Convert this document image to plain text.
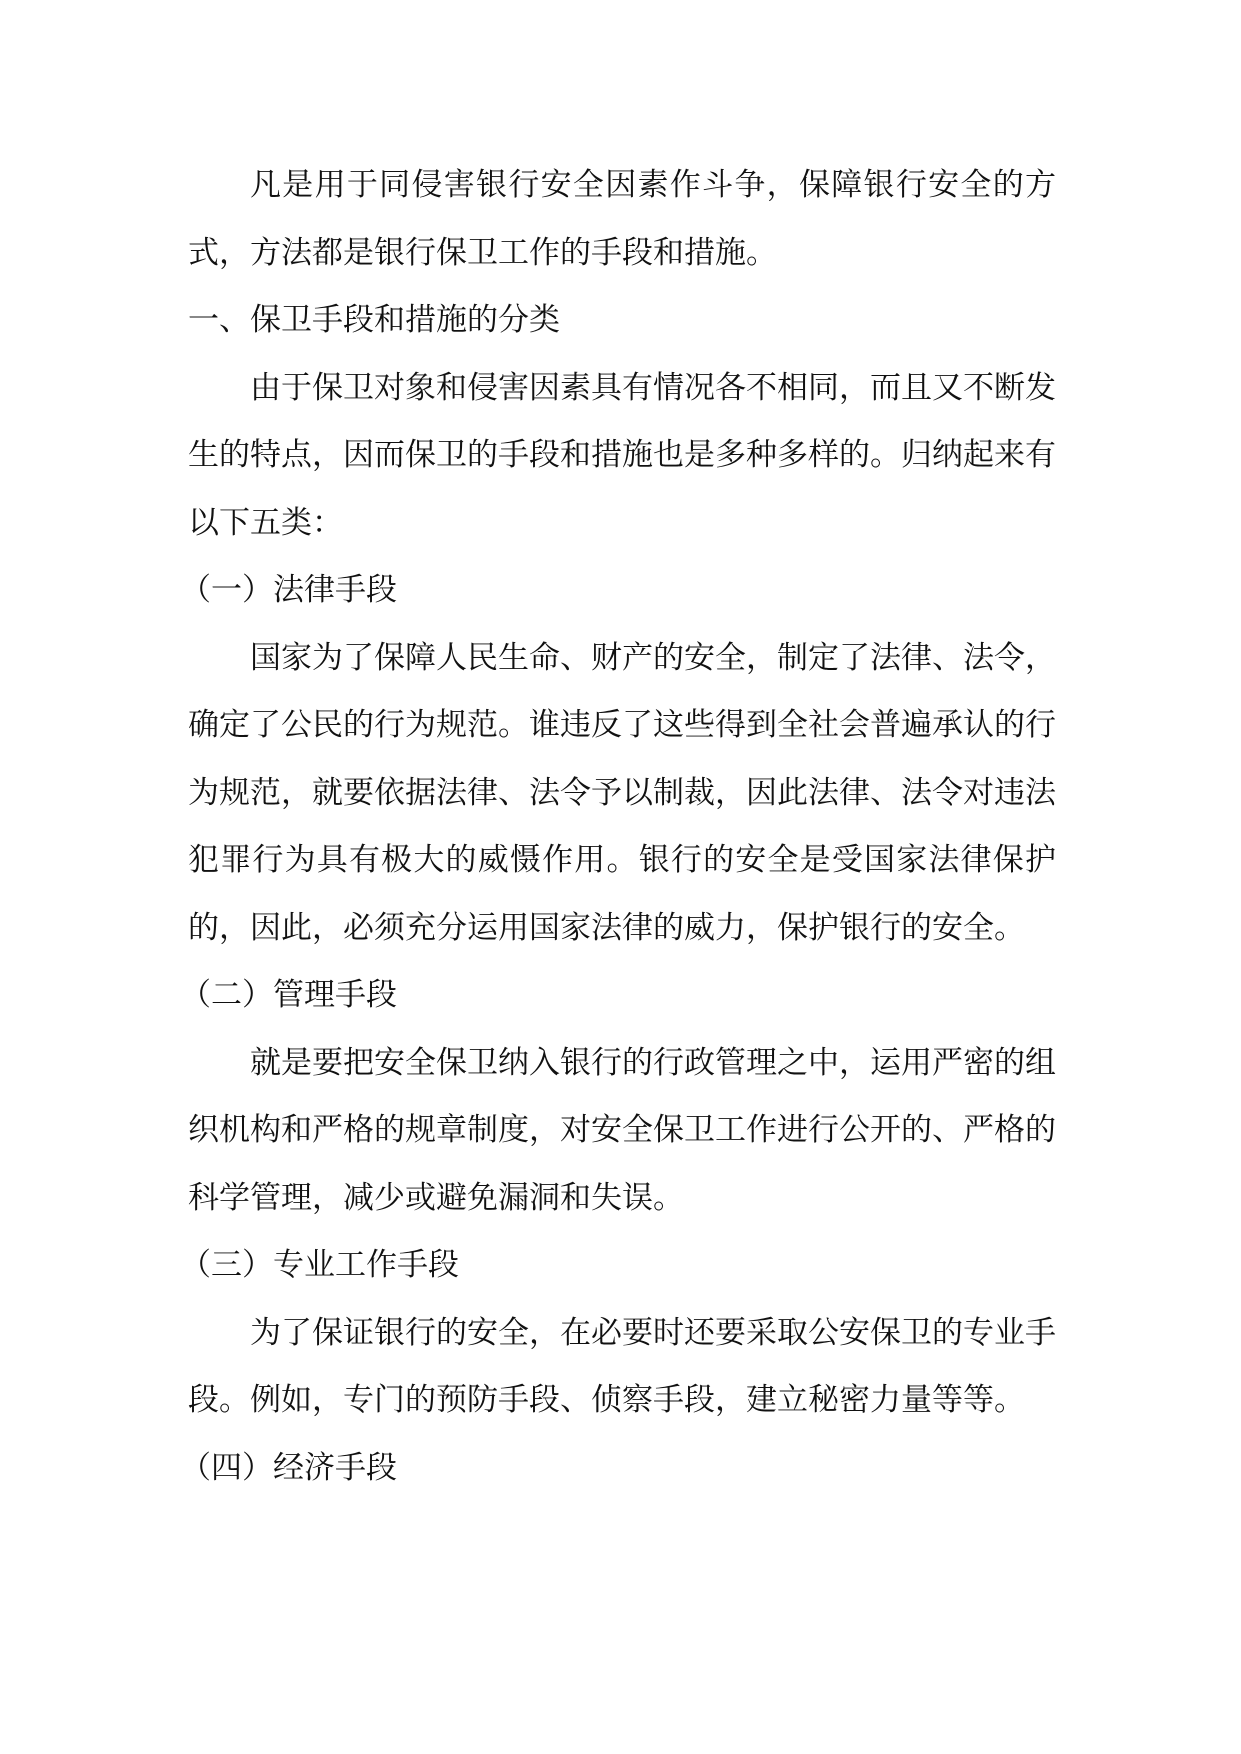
凡是用于同侵害银行安全因素作斗争，保障银行安全的方式，方法都是银行保卫工作的手段和措施。

一、保卫手段和措施的分类

由于保卫对象和侵害因素具有情况各不相同，而且又不断发生的特点，因而保卫的手段和措施也是多种多样的。归纳起来有以下五类：

（一）法律手段

国家为了保障人民生命、财产的安全，制定了法律、法令，确定了公民的行为规范。谁违反了这些得到全社会普遍承认的行为规范，就要依据法律、法令予以制裁，因此法律、法令对违法犯罪行为具有极大的威慑作用。银行的安全是受国家法律保护的，因此，必须充分运用国家法律的威力，保护银行的安全。

（二）管理手段

就是要把安全保卫纳入银行的行政管理之中，运用严密的组织机构和严格的规章制度，对安全保卫工作进行公开的、严格的科学管理，减少或避免漏洞和失误。

（三）专业工作手段

为了保证银行的安全，在必要时还要采取公安保卫的专业手段。例如，专门的预防手段、侦察手段，建立秘密力量等等。

（四）经济手段
